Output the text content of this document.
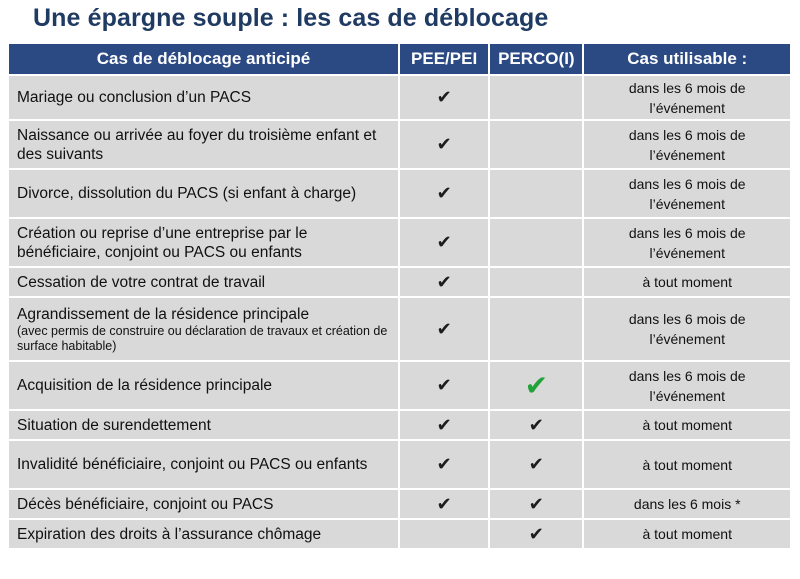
Une épargne souple : les cas de déblocage
Cas de déblocage anticipé	PEE/PEI	PERCO(I)	Cas utilisable :
Mariage ou conclusion d’un PACS	✔		dans les 6 mois de l’événement
Naissance ou arrivée au foyer du troisième enfant et des suivants	✔		dans les 6 mois de l’événement
Divorce, dissolution du PACS (si enfant à charge)	✔		dans les 6 mois de l’événement
Création ou reprise d’une entreprise par le bénéficiaire, conjoint ou PACS ou enfants	✔		dans les 6 mois de l’événement
Cessation de votre contrat de travail	✔		à tout moment
Agrandissement de la résidence principale
(avec permis de construire ou déclaration de travaux et création de surface habitable)	✔		dans les 6 mois de l’événement
Acquisition de la résidence principale	✔	✔	dans les 6 mois de l’événement
Situation de surendettement	✔	✔	à tout moment
Invalidité bénéficiaire, conjoint ou PACS ou enfants	✔	✔	à tout moment
Décès bénéficiaire, conjoint ou PACS	✔	✔	dans les 6 mois *
Expiration des droits à l’assurance chômage		✔	à tout moment
